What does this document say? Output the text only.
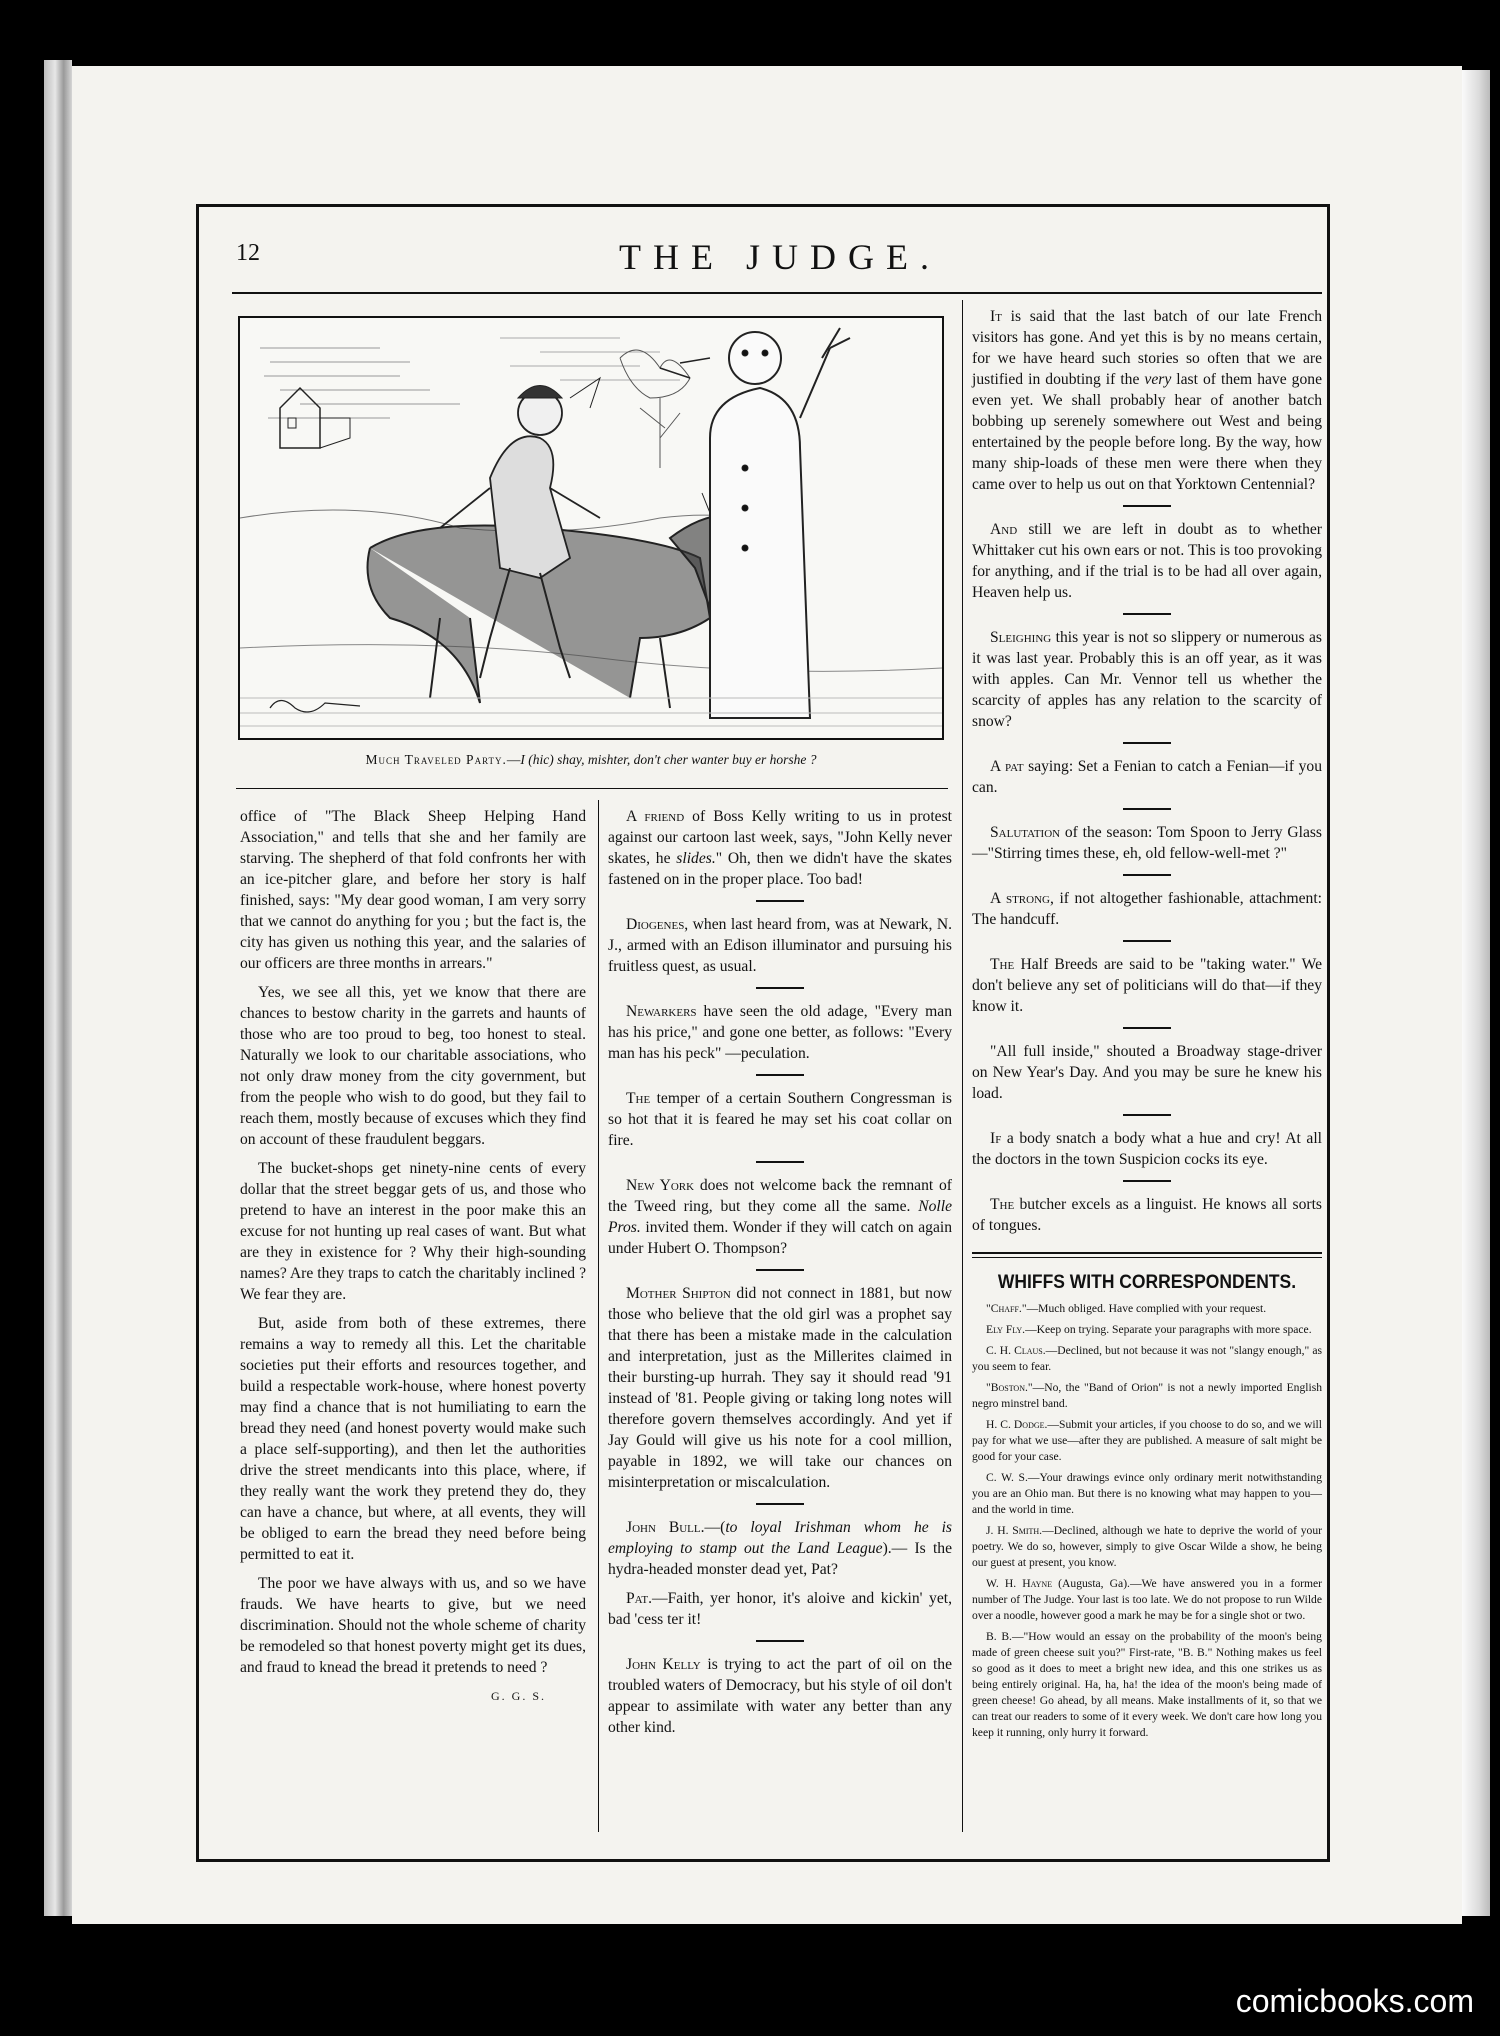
12	THE JUDGE.
Much Traveled Party.—I (hic) shay, mishter, don't cher wanter buy er horshe ?

office of "The Black Sheep Helping Hand Association," and tells that she and her family are starving. The shepherd of that fold confronts her with an ice-pitcher glare, and before her story is half finished, says: "My dear good woman, I am very sorry that we cannot do anything for you ; but the fact is, the city has given us nothing this year, and the salaries of our officers are three months in arrears."

Yes, we see all this, yet we know that there are chances to bestow charity in the garrets and haunts of those who are too proud to beg, too honest to steal. Naturally we look to our charitable associations, who not only draw money from the city government, but from the people who wish to do good, but they fail to reach them, mostly because of excuses which they find on account of these fraudulent beggars.

The bucket-shops get ninety-nine cents of every dollar that the street beggar gets of us, and those who pretend to have an interest in the poor make this an excuse for not hunting up real cases of want. But what are they in existence for ? Why their high-sounding names? Are they traps to catch the charitably inclined ? We fear they are.

But, aside from both of these extremes, there remains a way to remedy all this. Let the charitable societies put their efforts and resources together, and build a respectable work-house, where honest poverty may find a chance that is not humiliating to earn the bread they need (and honest poverty would make such a place self-supporting), and then let the authorities drive the street mendicants into this place, where, if they really want the work they pretend they do, they can have a chance, but where, at all events, they will be obliged to earn the bread they need before being permitted to eat it.

The poor we have always with us, and so we have frauds. We have hearts to give, but we need discrimination. Should not the whole scheme of charity be remodeled so that honest poverty might get its dues, and fraud to knead the bread it pretends to need ?

G. G. S.

A friend of Boss Kelly writing to us in protest against our cartoon last week, says, "John Kelly never skates, he slides." Oh, then we didn't have the skates fastened on in the proper place. Too bad!

Diogenes, when last heard from, was at Newark, N. J., armed with an Edison illuminator and pursuing his fruitless quest, as usual.

Newarkers have seen the old adage, "Every man has his price," and gone one better, as follows: "Every man has his peck" —peculation.

The temper of a certain Southern Congressman is so hot that it is feared he may set his coat collar on fire.

New York does not welcome back the remnant of the Tweed ring, but they come all the same. Nolle Pros. invited them. Wonder if they will catch on again under Hubert O. Thompson?

Mother Shipton did not connect in 1881, but now those who believe that the old girl was a prophet say that there has been a mistake made in the calculation and interpretation, just as the Millerites claimed in their bursting-up hurrah. They say it should read '91 instead of '81. People giving or taking long notes will therefore govern themselves accordingly. And yet if Jay Gould will give us his note for a cool million, payable in 1892, we will take our chances on misinterpretation or miscalculation.

John Bull.—(to loyal Irishman whom he is employing to stamp out the Land League).— Is the hydra-headed monster dead yet, Pat?

Pat.—Faith, yer honor, it's aloive and kickin' yet, bad 'cess ter it!

John Kelly is trying to act the part of oil on the troubled waters of Democracy, but his style of oil don't appear to assimilate with water any better than any other kind.

It is said that the last batch of our late French visitors has gone. And yet this is by no means certain, for we have heard such stories so often that we are justified in doubting if the very last of them have gone even yet. We shall probably hear of another batch bobbing up serenely somewhere out West and being entertained by the people before long. By the way, how many ship-loads of these men were there when they came over to help us out on that Yorktown Centennial?

And still we are left in doubt as to whether Whittaker cut his own ears or not. This is too provoking for anything, and if the trial is to be had all over again, Heaven help us.

Sleighing this year is not so slippery or numerous as it was last year. Probably this is an off year, as it was with apples. Can Mr. Vennor tell us whether the scarcity of apples has any relation to the scarcity of snow?

A pat saying: Set a Fenian to catch a Fenian—if you can.

Salutation of the season: Tom Spoon to Jerry Glass—"Stirring times these, eh, old fellow-well-met ?"

A strong, if not altogether fashionable, attachment: The handcuff.

The Half Breeds are said to be "taking water." We don't believe any set of politicians will do that—if they know it.

"All full inside," shouted a Broadway stage-driver on New Year's Day. And you may be sure he knew his load.

If a body snatch a body what a hue and cry! At all the doctors in the town Suspicion cocks its eye.

The butcher excels as a linguist. He knows all sorts of tongues.

WHIFFS WITH CORRESPONDENTS.

"Chaff."—Much obliged. Have complied with your request.

Ely Fly.—Keep on trying. Separate your paragraphs with more space.

C. H. Claus.—Declined, but not because it was not "slangy enough," as you seem to fear.

"Boston."—No, the "Band of Orion" is not a newly imported English negro minstrel band.

H. C. Dodge.—Submit your articles, if you choose to do so, and we will pay for what we use—after they are published. A measure of salt might be good for your case.

C. W. S.—Your drawings evince only ordinary merit notwithstanding you are an Ohio man. But there is no knowing what may happen to you—and the world in time.

J. H. Smith.—Declined, although we hate to deprive the world of your poetry. We do so, however, simply to give Oscar Wilde a show, he being our guest at present, you know.

W. H. Hayne (Augusta, Ga).—We have answered you in a former number of The Judge. Your last is too late. We do not propose to run Wilde over a noodle, however good a mark he may be for a single shot or two.

B. B.—"How would an essay on the probability of the moon's being made of green cheese suit you?" First-rate, "B. B." Nothing makes us feel so good as it does to meet a bright new idea, and this one strikes us as being entirely original. Ha, ha, ha! the idea of the moon's being made of green cheese! Go ahead, by all means. Make installments of it, so that we can treat our readers to some of it every week. We don't care how long you keep it running, only hurry it forward.

comicbooks.com
